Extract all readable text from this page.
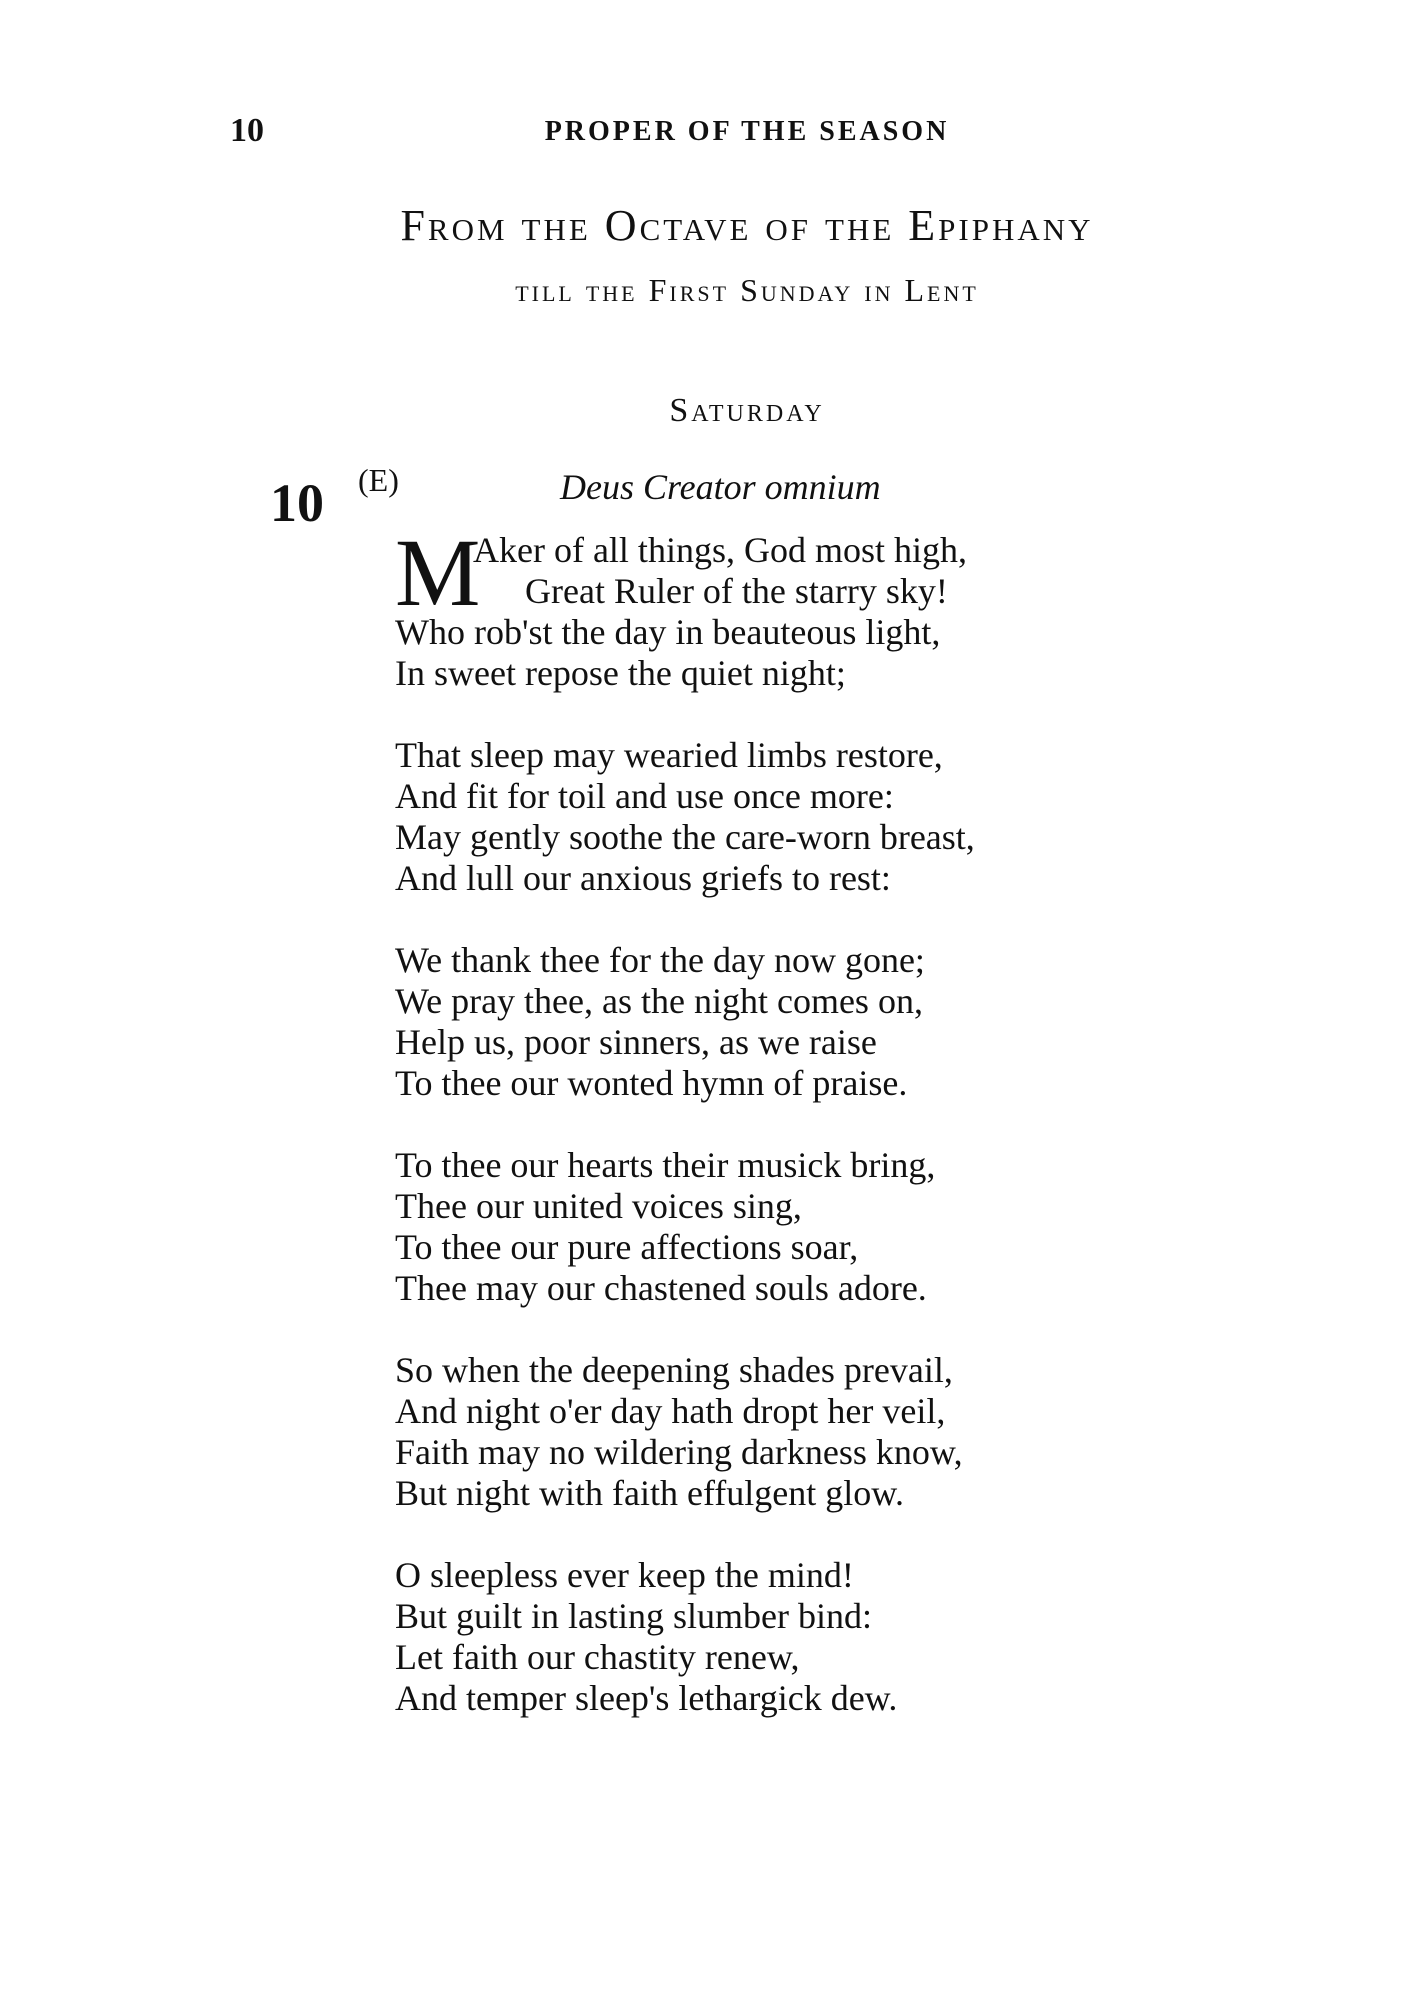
10	PROPER OF THE SEASON
From the Octave of the Epiphany
till the First Sunday in Lent
Saturday
10 (E)	Deus Creator omnium
M
Aker of all things, God most high,
Great Ruler of the starry sky!
Who rob'st the day in beauteous light,
In sweet repose the quiet night;
That sleep may wearied limbs restore,
And fit for toil and use once more:
May gently soothe the care-worn breast,
And lull our anxious griefs to rest:
We thank thee for the day now gone;
We pray thee, as the night comes on,
Help us, poor sinners, as we raise
To thee our wonted hymn of praise.
To thee our hearts their musick bring,
Thee our united voices sing,
To thee our pure affections soar,
Thee may our chastened souls adore.
So when the deepening shades prevail,
And night o'er day hath dropt her veil,
Faith may no wildering darkness know,
But night with faith effulgent glow.
O sleepless ever keep the mind!
But guilt in lasting slumber bind:
Let faith our chastity renew,
And temper sleep's lethargick dew.
